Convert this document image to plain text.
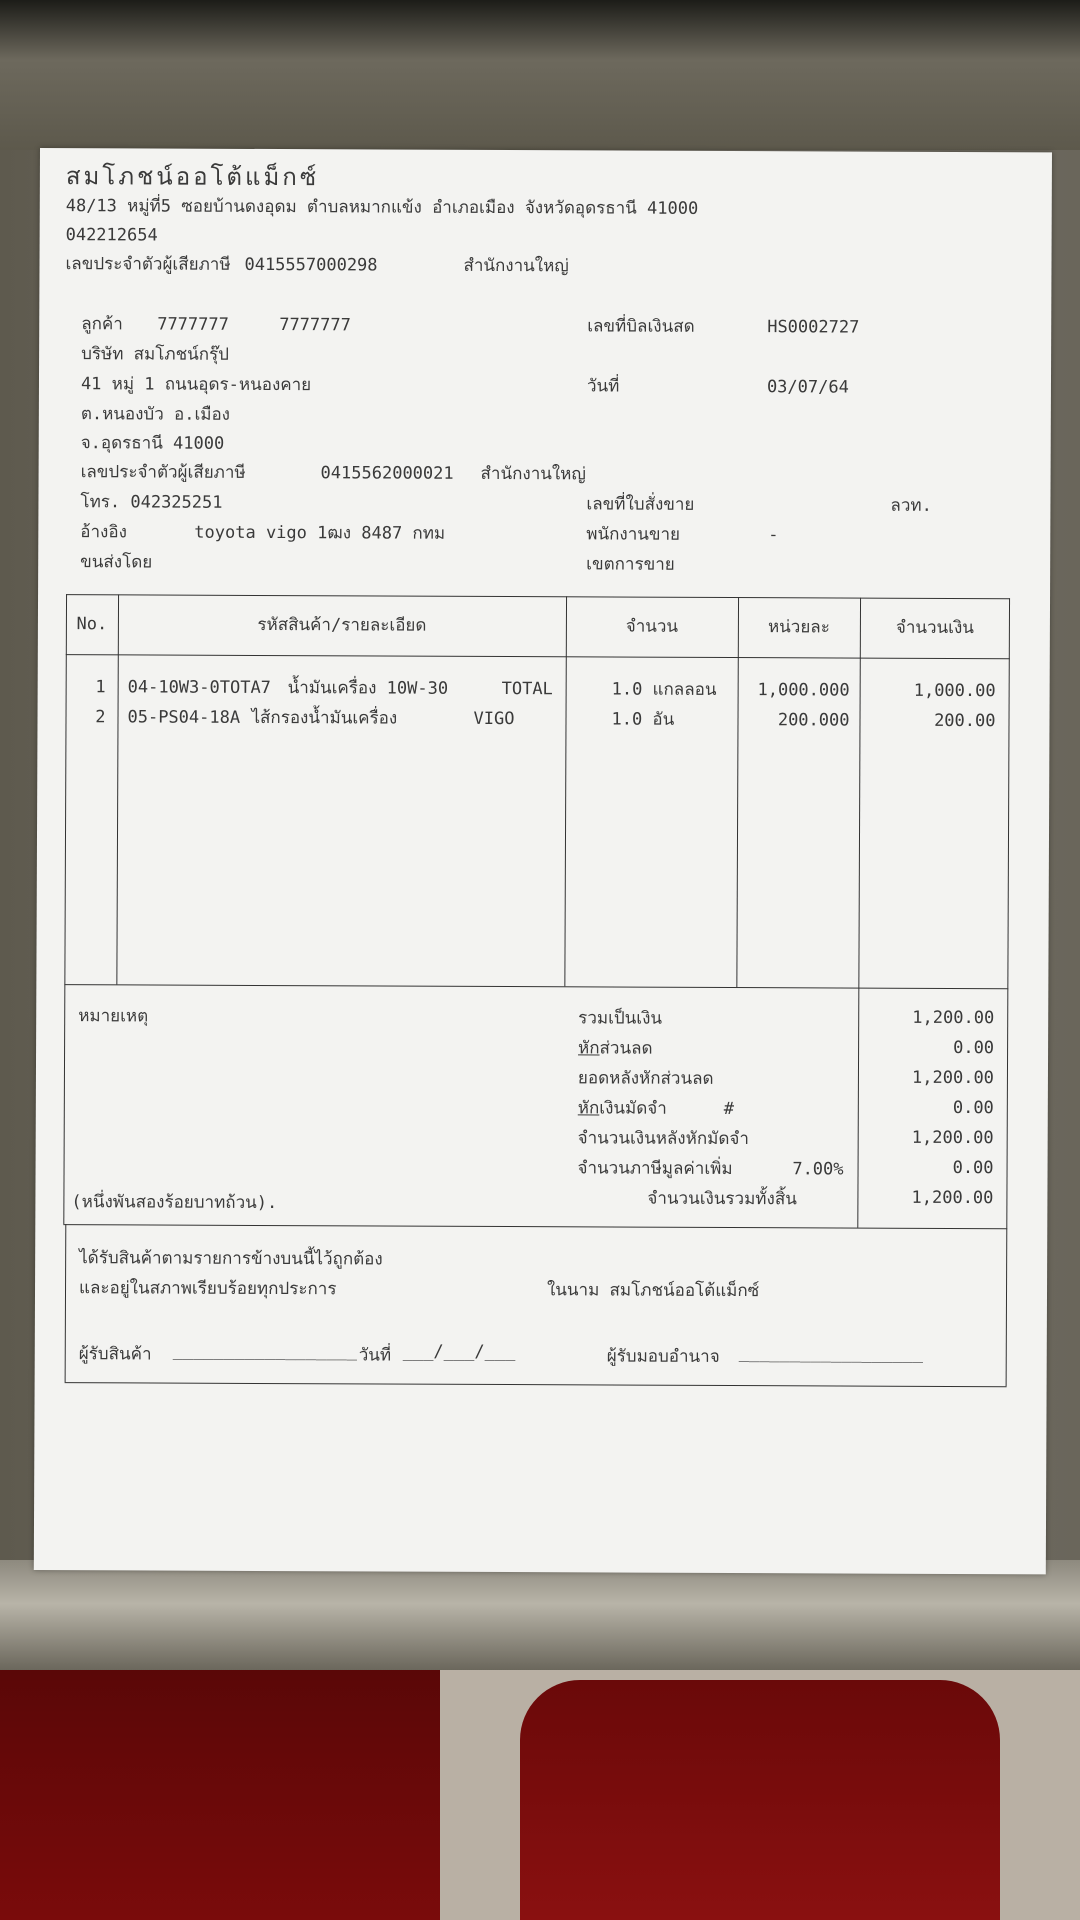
สมโภชน์ออโต้แม็กซ์
48/13 หมู่ที่5 ซอยบ้านดงอุดม ตำบลหมากแข้ง อำเภอเมือง จังหวัดอุดรธานี 41000
042212654
เลขประจำตัวผู้เสียภาษี 0415557000298	สำนักงานใหญ่
ลูกค้า 7777777	7777777
บริษัท สมโภชน์กรุ๊ป
41 หมู่ 1 ถนนอุดร-หนองคาย
ต.หนองบัว อ.เมือง
จ.อุดรธานี 41000
เลขประจำตัวผู้เสียภาษี	0415562000021 สำนักงานใหญ่
โทร. 042325251
อ้างอิง	toyota vigo 1ฒง 8487 กทม
ขนส่งโดย
เลขที่บิลเงินสด	HS0002727
วันที่	03/07/64
เลขที่ใบสั่งขาย	ลวท.
พนักงานขาย	-
เขตการขาย
No.	รหัสสินค้า/รายละเอียด	จำนวน	หน่วยละ	จำนวนเงิน
1 04-10W3-0TOTA7 น้ำมันเครื่อง 10W-30	TOTAL	1.0 แกลลอน	1,000.000	1,000.00
2 05-PS04-18A ไส้กรองน้ำมันเครื่อง	VIGO	1.0 อัน	200.000	200.00
หมายเหตุ
(หนึ่งพันสองร้อยบาทถ้วน).
รวมเป็นเงิน	1,200.00
หักส่วนลด	0.00
ยอดหลังหักส่วนลด	1,200.00
หักเงินมัดจำ	#	0.00
จำนวนเงินหลังหักมัดจำ	1,200.00
จำนวนภาษีมูลค่าเพิ่ม	7.00%	0.00
จำนวนเงินรวมทั้งสิ้น	1,200.00
ได้รับสินค้าตามรายการข้างบนนี้ไว้ถูกต้อง
และอยู่ในสภาพเรียบร้อยทุกประการ	ในนาม สมโภชน์ออโต้แม็กซ์
ผู้รับสินค้า __________________ วันที่ ___/___/___	ผู้รับมอบอำนาจ __________________
